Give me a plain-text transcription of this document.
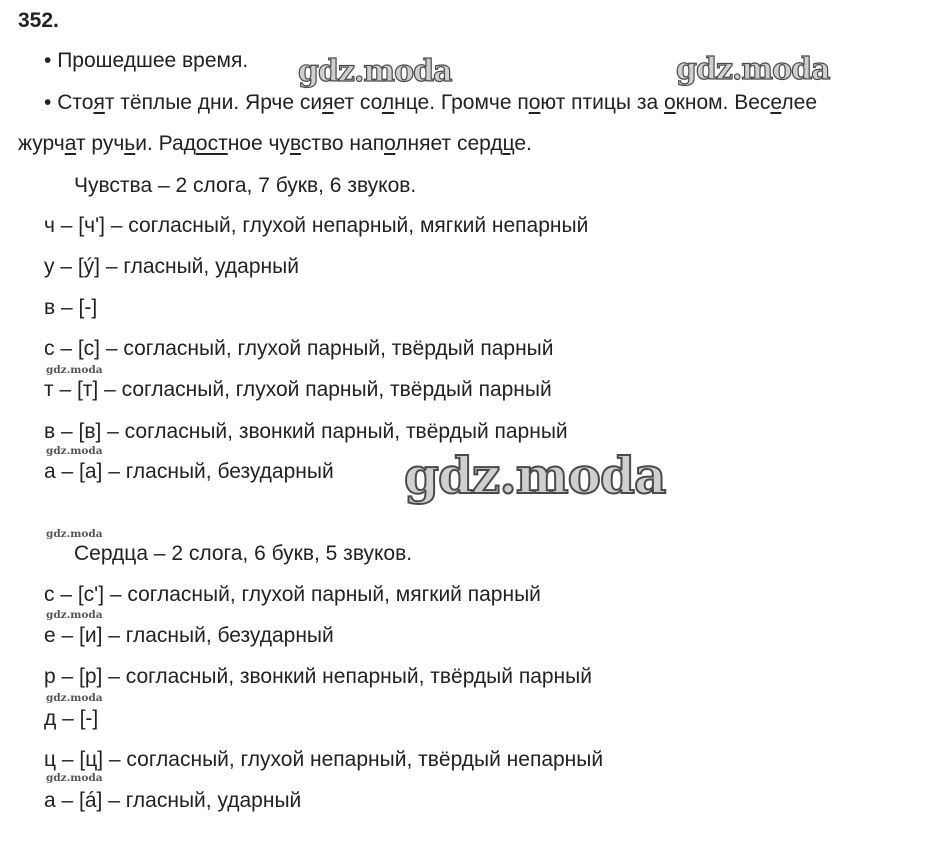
352.
• Прошедшее время.
• Стоят тёплые дни. Ярче сияет солнце. Громче поют птицы за окном. Веселее
журчат ручьи. Радостное чувство наполняет сердце.
Чувства – 2 слога, 7 букв, 6 звуков.
ч – [ч'] – согласный, глухой непарный, мягкий непарный
у – [ý] – гласный, ударный
в – [-]
с – [с] – согласный, глухой парный, твёрдый парный
т – [т] – согласный, глухой парный, твёрдый парный
в – [в] – согласный, звонкий парный, твёрдый парный
а – [а] – гласный, безударный
Сердца – 2 слога, 6 букв, 5 звуков.
с – [с'] – согласный, глухой парный, мягкий парный
е – [и] – гласный, безударный
р – [р] – согласный, звонкий непарный, твёрдый парный
д – [-]
ц – [ц] – согласный, глухой непарный, твёрдый непарный
а – [á] – гласный, ударный
gdz.moda	gdz.moda
gdz.moda
gdz.moda
gdz.moda
gdz.moda
gdz.moda
gdz.moda
gdz.moda
